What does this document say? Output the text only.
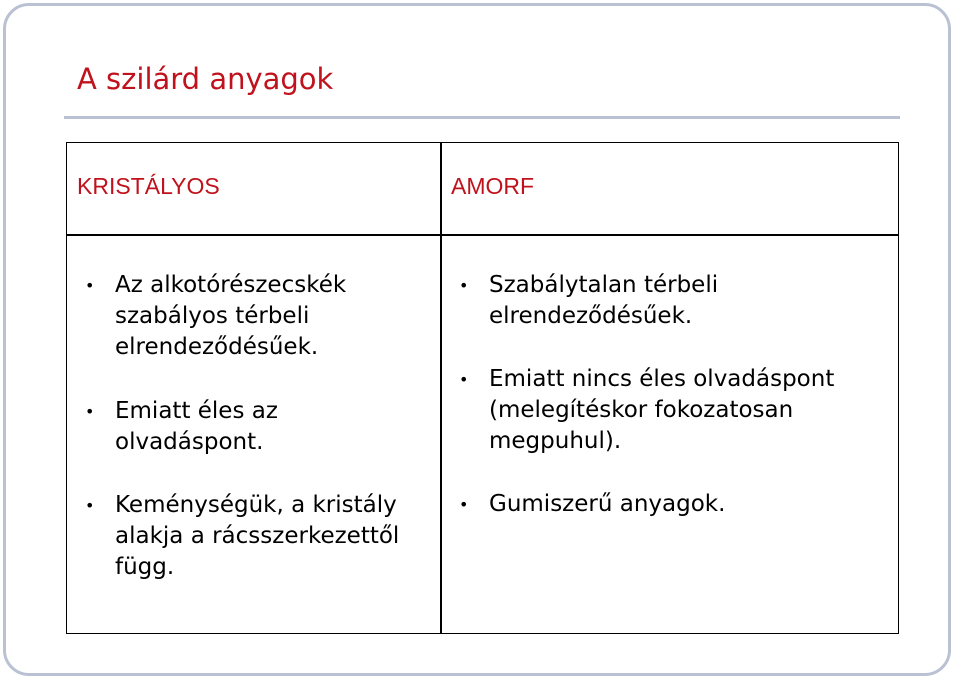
A szilárd anyagok
KRISTÁLYOS	AMORF
• Az alkotórészecskék szabályos térbeli elrendeződésűek.
• Emiatt éles az olvadáspont.
• Keménységük, a kristály alakja a rácsszerkezettől függ.
• Szabálytalan térbeli elrendeződésűek.
• Emiatt nincs éles olvadáspont (melegítéskor fokozatosan megpuhul).
• Gumiszerű anyagok.
